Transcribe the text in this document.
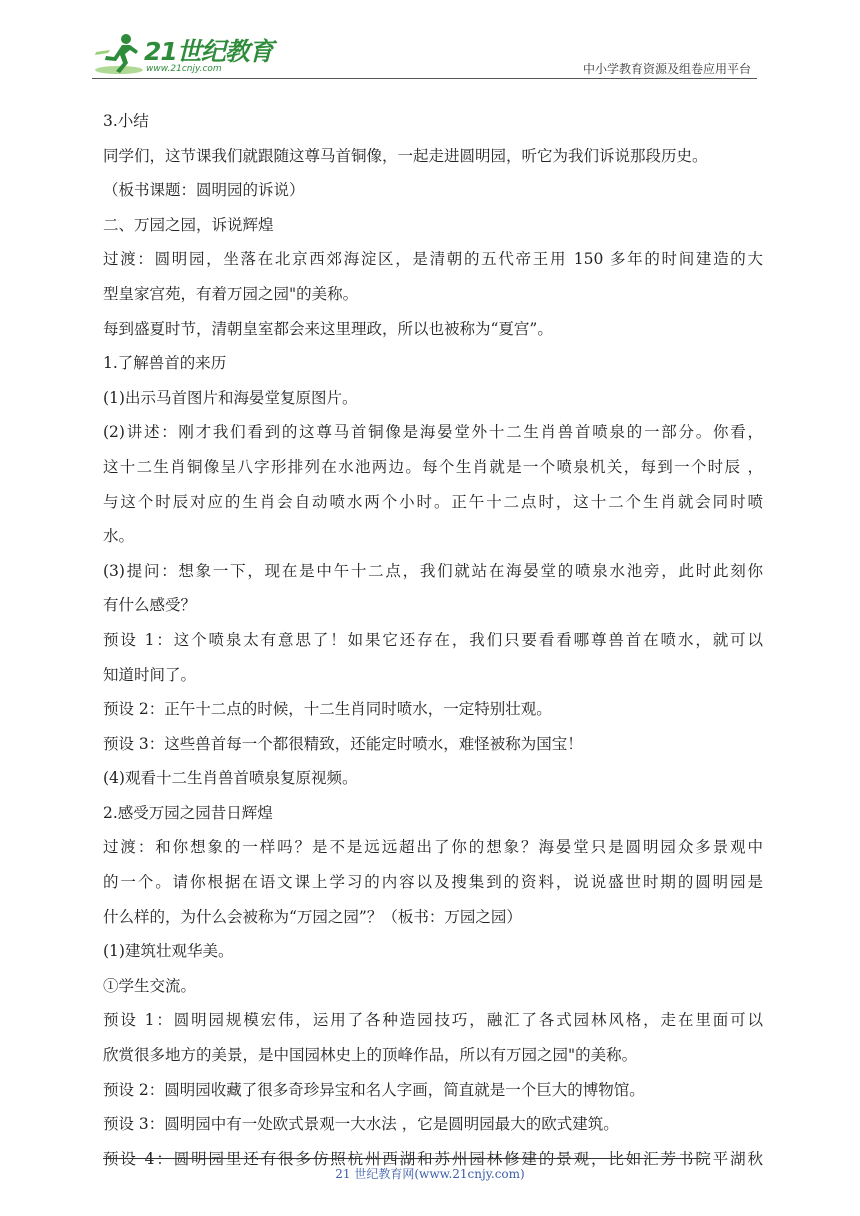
21世纪教育
www.21cnjy.com	中小学教育资源及组卷应用平台
3.小结
同学们，这节课我们就跟随这尊马首铜像，一起走进圆明园，听它为我们诉说那段历史。
（板书课题：圆明园的诉说）
二、万园之园，诉说辉煌
过渡：圆明园，坐落在北京西郊海淀区，是清朝的五代帝王用 150 多年的时间建造的大
型皇家宫苑，有着万园之园"的美称。
每到盛夏时节，清朝皇室都会来这里理政，所以也被称为“夏宫”。
1.了解兽首的来历
(1)出示马首图片和海晏堂复原图片。
(2)讲述：刚才我们看到的这尊马首铜像是海晏堂外十二生肖兽首喷泉的一部分。你看，
这十二生肖铜像呈八字形排列在水池两边。每个生肖就是一个喷泉机关，每到一个时辰 ，
与这个时辰对应的生肖会自动喷水两个小时。正午十二点时，这十二个生肖就会同时喷
水。
(3)提问：想象一下，现在是中午十二点，我们就站在海晏堂的喷泉水池旁，此时此刻你
有什么感受？
预设 1：这个喷泉太有意思了！如果它还存在，我们只要看看哪尊兽首在喷水，就可以
知道时间了。
预设 2：正午十二点的时候，十二生肖同时喷水，一定特别壮观。
预设 3：这些兽首每一个都很精致，还能定时喷水，难怪被称为国宝！
(4)观看十二生肖兽首喷泉复原视频。
2.感受万园之园昔日辉煌
过渡：和你想象的一样吗？是不是远远超出了你的想象？海晏堂只是圆明园众多景观中
的一个。请你根据在语文课上学习的内容以及搜集到的资料，说说盛世时期的圆明园是
什么样的，为什么会被称为“万园之园”？（板书：万园之园）
(1)建筑壮观华美。
①学生交流。
预设 1：圆明园规模宏伟，运用了各种造园技巧，融汇了各式园林风格，走在里面可以
欣赏很多地方的美景，是中国园林史上的顶峰作品，所以有万园之园"的美称。
预设 2：圆明园收藏了很多奇珍异宝和名人字画，简直就是一个巨大的博物馆。
预设 3：圆明园中有一处欧式景观一大水法 ，它是圆明园最大的欧式建筑。
预设 4：圆明园里还有很多仿照杭州西湖和苏州园林修建的景观，比如汇芳书院平湖秋
21 世纪教育网(www.21cnjy.com)
